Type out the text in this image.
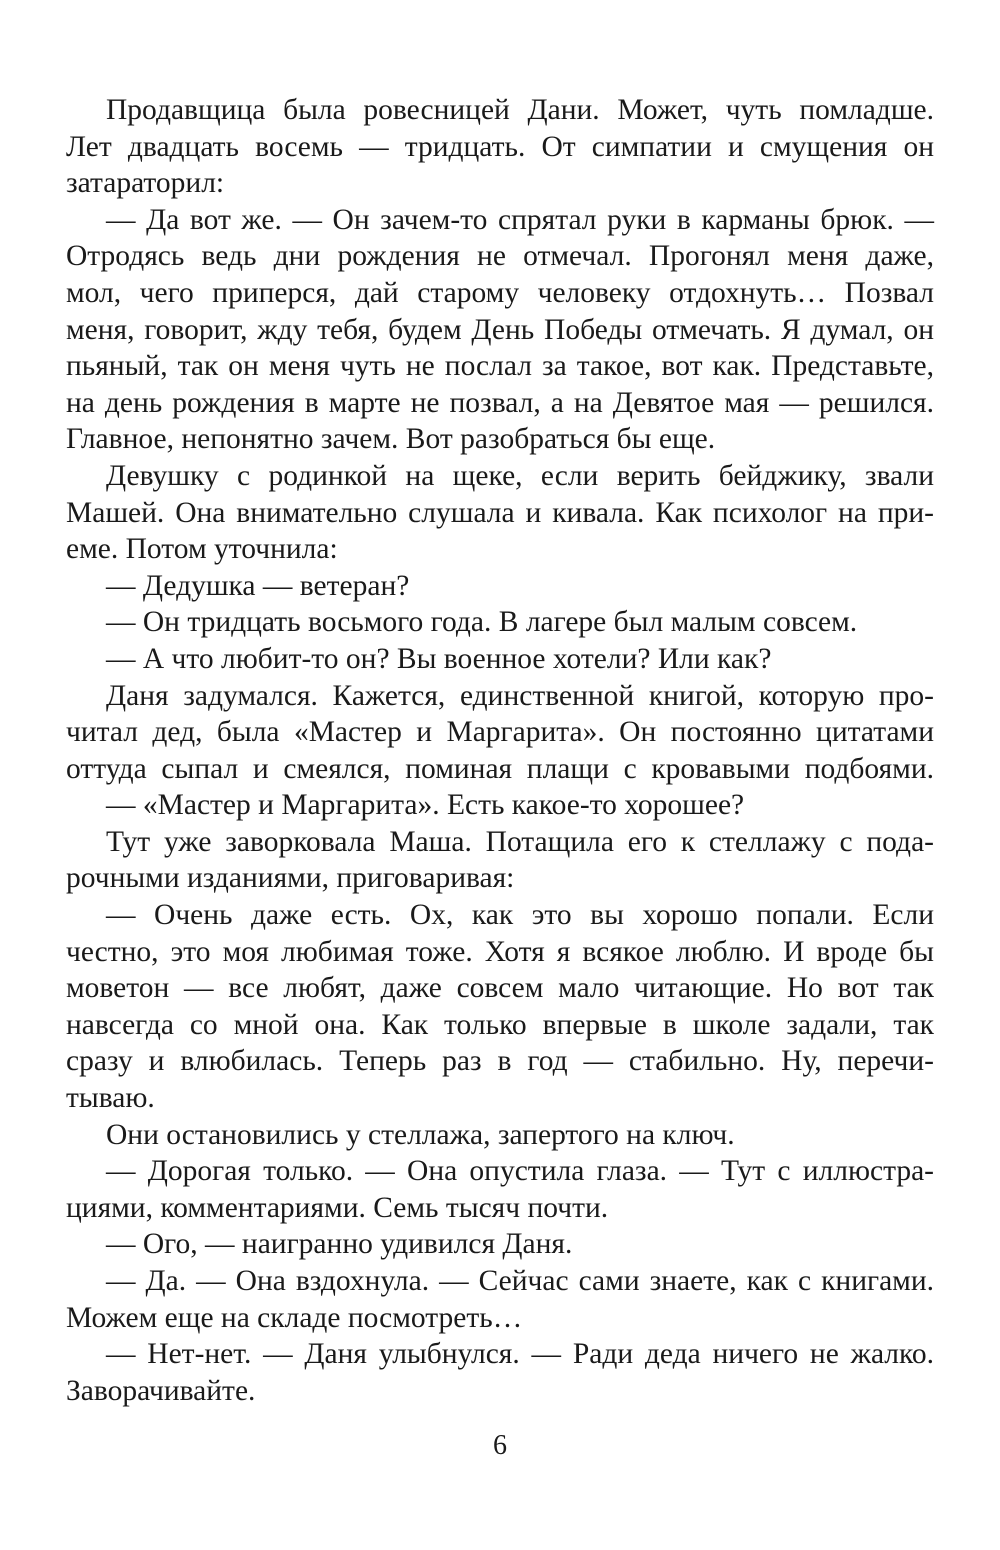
Продавщица была ровесницей Дани. Может, чуть помладше.
Лет двадцать восемь — тридцать. От симпатии и смущения он
затараторил:
— Да вот же. — Он зачем-то спрятал руки в карманы брюк. —
Отродясь ведь дни рождения не отмечал. Прогонял меня даже,
мол, чего приперся, дай старому человеку отдохнуть… Позвал
меня, говорит, жду тебя, будем День Победы отмечать. Я думал, он
пьяный, так он меня чуть не послал за такое, вот как. Представьте,
на день рождения в марте не позвал, а на Девятое мая — решился.
Главное, непонятно зачем. Вот разобраться бы еще.
Девушку с родинкой на щеке, если верить бейджику, звали
Машей. Она внимательно слушала и кивала. Как психолог на при-
еме. Потом уточнила:
— Дедушка — ветеран?
— Он тридцать восьмого года. В лагере был малым совсем.
— А что любит-то он? Вы военное хотели? Или как?
Даня задумался. Кажется, единственной книгой, которую про-
читал дед, была «Мастер и Маргарита». Он постоянно цитатами
оттуда сыпал и смеялся, поминая плащи с кровавыми подбоями.
— «Мастер и Маргарита». Есть какое-то хорошее?
Тут уже заворковала Маша. Потащила его к стеллажу с пода-
рочными изданиями, приговаривая:
— Очень даже есть. Ох, как это вы хорошо попали. Если
честно, это моя любимая тоже. Хотя я всякое люблю. И вроде бы
моветон — все любят, даже совсем мало читающие. Но вот так
навсегда со мной она. Как только впервые в школе задали, так
сразу и влюбилась. Теперь раз в год — стабильно. Ну, перечи-
тываю.
Они остановились у стеллажа, запертого на ключ.
— Дорогая только. — Она опустила глаза. — Тут с иллюстра-
циями, комментариями. Семь тысяч почти.
— Ого, — наигранно удивился Даня.
— Да. — Она вздохнула. — Сейчас сами знаете, как с книгами.
Можем еще на складе посмотреть…
— Нет-нет. — Даня улыбнулся. — Ради деда ничего не жалко.
Заворачивайте.
6
